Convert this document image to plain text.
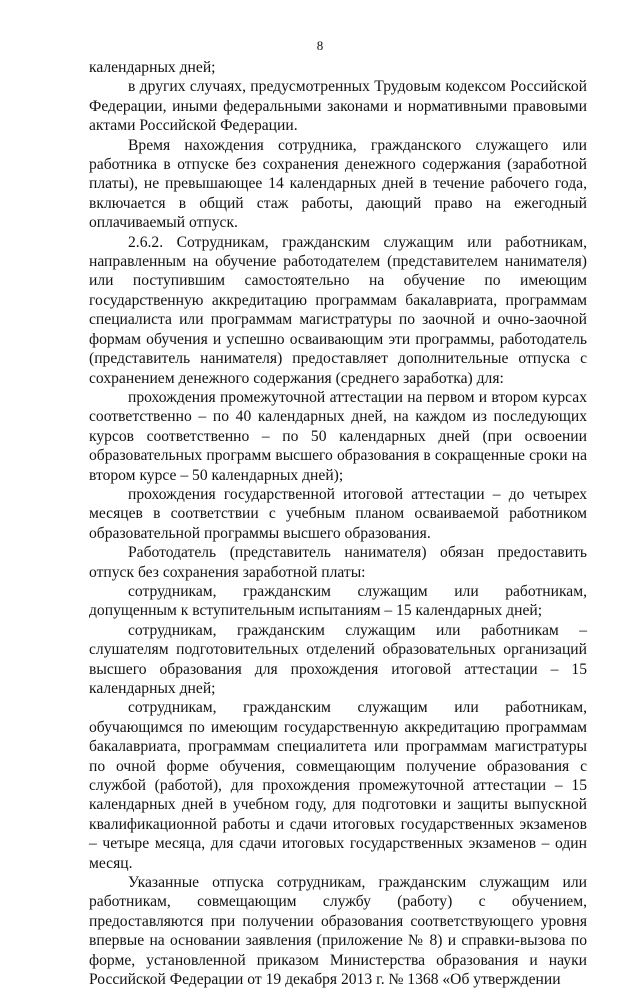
8

календарных дней;

в других случаях, предусмотренных Трудовым кодексом Российской Федерации, иными федеральными законами и нормативными правовыми актами Российской Федерации.

Время нахождения сотрудника, гражданского служащего или работника в отпуске без сохранения денежного содержания (заработной платы), не превышающее 14 календарных дней в течение рабочего года, включается в общий стаж работы, дающий право на ежегодный оплачиваемый отпуск.

2.6.2. Сотрудникам, гражданским служащим или работникам, направленным на обучение работодателем (представителем нанимателя) или поступившим самостоятельно на обучение по имеющим государственную аккредитацию программам бакалавриата, программам специалиста или программам магистратуры по заочной и очно-заочной формам обучения и успешно осваивающим эти программы, работодатель (представитель нанимателя) предоставляет дополнительные отпуска с сохранением денежного содержания (среднего заработка) для:

прохождения промежуточной аттестации на первом и втором курсах соответственно – по 40 календарных дней, на каждом из последующих курсов соответственно – по 50 календарных дней (при освоении образовательных программ высшего образования в сокращенные сроки на втором курсе – 50 календарных дней);

прохождения государственной итоговой аттестации – до четырех месяцев в соответствии с учебным планом осваиваемой работником образовательной программы высшего образования.

Работодатель (представитель нанимателя) обязан предоставить отпуск без сохранения заработной платы:

сотрудникам, гражданским служащим или работникам, допущенным к вступительным испытаниям – 15 календарных дней;

сотрудникам, гражданским служащим или работникам – слушателям подготовительных отделений образовательных организаций высшего образования для прохождения итоговой аттестации – 15 календарных дней;

сотрудникам, гражданским служащим или работникам, обучающимся по имеющим государственную аккредитацию программам бакалавриата, программам специалитета или программам магистратуры по очной форме обучения, совмещающим получение образования с службой (работой), для прохождения промежуточной аттестации – 15 календарных дней в учебном году, для подготовки и защиты выпускной квалификационной работы и сдачи итоговых государственных экзаменов – четыре месяца, для сдачи итоговых государственных экзаменов – один месяц.

Указанные отпуска сотрудникам, гражданским служащим или работникам, совмещающим службу (работу) с обучением, предоставляются при получении образования соответствующего уровня впервые на основании заявления (приложение № 8) и справки-вызова по форме, установленной приказом Министерства образования и науки Российской Федерации от 19 декабря 2013 г. № 1368 «Об утверждении
